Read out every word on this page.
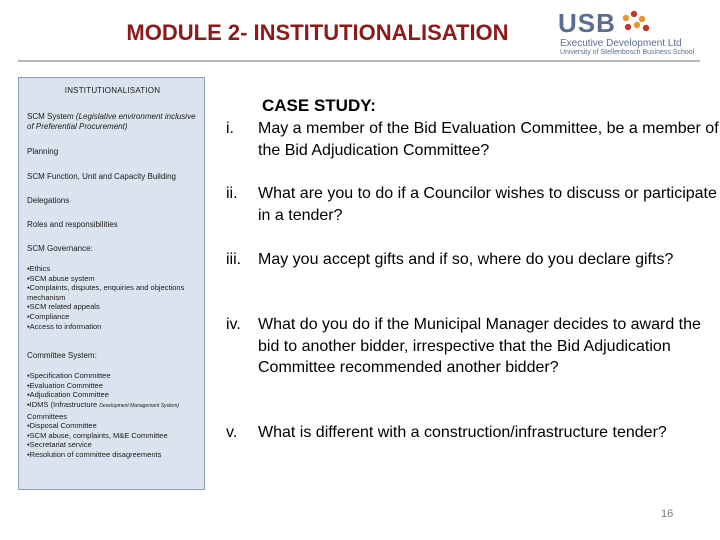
MODULE 2- INSTITUTIONALISATION	USB
Executive Development Ltd
University of Stellenbosch Business School
INSTITUTIONALISATION
SCM System (Legislative environment inclusive of Preferential Procurement)
Planning
SCM Function, Unit and Capacity Building
Delegations
Roles and responsibilities
SCM Governance:
▪Ethics
▪SCM abuse system
▪Complaints, disputes, enquiries and objections mechanism
▪SCM related appeals
▪Compliance
▪Access to information
Committee System:
▪Specification Committee
▪Evaluation Committee
▪Adjudication Committee
▪IDMS (Infrastructure Development Management System) Committees
▪Disposal Committee
▪SCM abuse, complaints, M&E Committee
▪Secretariat service
▪Resolution of committee disagreements
CASE STUDY:
i. May a member of the Bid Evaluation Committee, be a member of the Bid Adjudication Committee?
ii. What are you to do if a Councilor wishes to discuss or participate in a tender?
iii. May you accept gifts and if so, where do you declare gifts?
iv. What do you do if the Municipal Manager decides to award the bid to another bidder, irrespective that the Bid Adjudication Committee recommended another bidder?
v. What is different with a construction/infrastructure tender?
16
